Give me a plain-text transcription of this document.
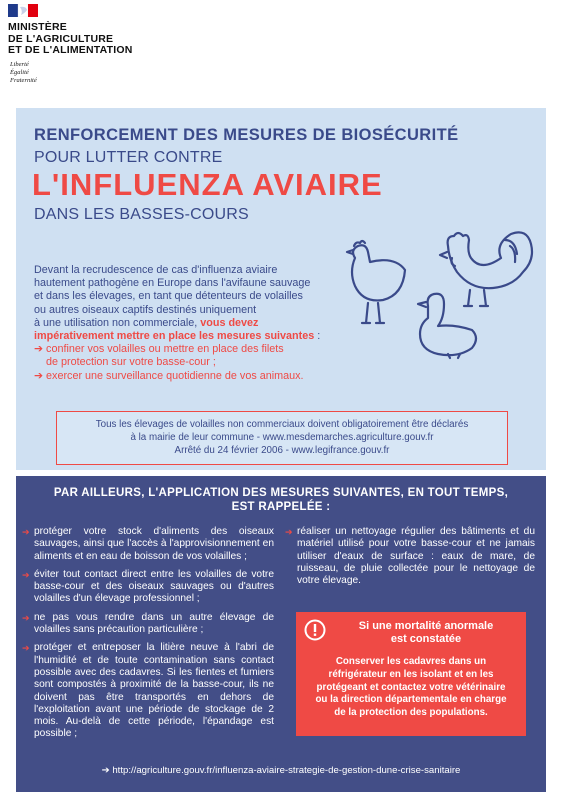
MINISTÈRE
DE L'AGRICULTURE
ET DE L'ALIMENTATION
Liberté
Égalité
Fraternité
RENFORCEMENT DES MESURES DE BIOSÉCURITÉ
POUR LUTTER CONTRE
L'INFLUENZA AVIAIRE
DANS LES BASSES-COURS
Devant la recrudescence de cas d'influenza aviaire
hautement pathogène en Europe dans l'avifaune sauvage
et dans les élevages, en tant que détenteurs de volailles
ou autres oiseaux captifs destinés uniquement
à une utilisation non commerciale, vous devez
impérativement mettre en place les mesures suivantes :
➔ confiner vos volailles ou mettre en place des filets
de protection sur votre basse-cour ;
➔ exercer une surveillance quotidienne de vos animaux.

Tous les élevages de volailles non commerciaux doivent obligatoirement être déclarés
à la mairie de leur commune - www.mesdemarches.agriculture.gouv.fr
Arrêté du 24 février 2006 - www.legifrance.gouv.fr

PAR AILLEURS, L'APPLICATION DES MESURES SUIVANTES, EN TOUT TEMPS,
EST RAPPELÉE :

➔ protéger votre stock d'aliments des oiseaux sauvages, ainsi que l'accès à l'approvisionnement en aliments et en eau de boisson de vos volailles ;

➔ éviter tout contact direct entre les volailles de votre basse-cour et des oiseaux sauvages ou d'autres volailles d'un élevage professionnel ;

➔ ne pas vous rendre dans un autre élevage de volailles sans précaution particulière ;

➔ protéger et entreposer la litière neuve à l'abri de l'humidité et de toute contamination sans contact possible avec des cadavres. Si les fientes et fumiers sont compostés à proximité de la basse-cour, ils ne doivent pas être transportés en dehors de l'exploitation avant une période de stockage de 2 mois. Au-delà de cette période, l'épandage est possible ;

➔ réaliser un nettoyage régulier des bâtiments et du matériel utilisé pour votre basse-cour et ne jamais utiliser d'eaux de surface : eaux de mare, de ruisseau, de pluie collectée pour le nettoyage de votre élevage.

Si une mortalité anormale
est constatée
Conserver les cadavres dans un
réfrigérateur en les isolant et en les
protégeant et contactez votre vétérinaire
ou la direction départementale en charge
de la protection des populations.
➔ http://agriculture.gouv.fr/influenza-aviaire-strategie-de-gestion-dune-crise-sanitaire
